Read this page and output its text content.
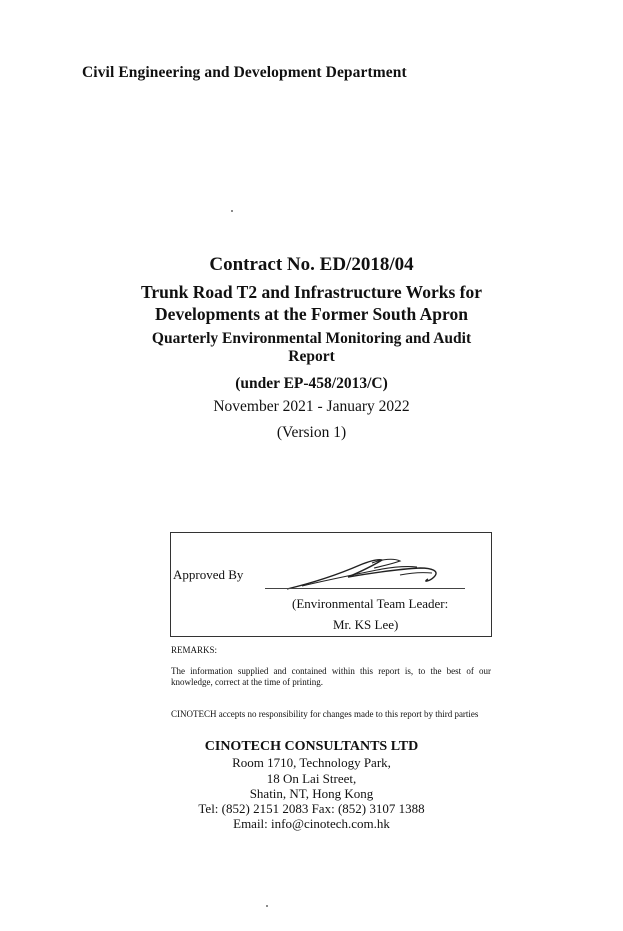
Civil Engineering and Development Department
Contract No. ED/2018/04
Trunk Road T2 and Infrastructure Works for
Developments at the Former South Apron
Quarterly Environmental Monitoring and Audit
Report
(under EP-458/2013/C)
November 2021 - January 2022
(Version 1)
Approved By
(Environmental Team Leader:
Mr. KS Lee)
REMARKS:
The information supplied and contained within this report is, to the best of our knowledge, correct at the time of printing.
CINOTECH accepts no responsibility for changes made to this report by third parties
CINOTECH CONSULTANTS LTD
Room 1710, Technology Park,
18 On Lai Street,
Shatin, NT, Hong Kong
Tel: (852) 2151 2083 Fax: (852) 3107 1388
Email: info@cinotech.com.hk
